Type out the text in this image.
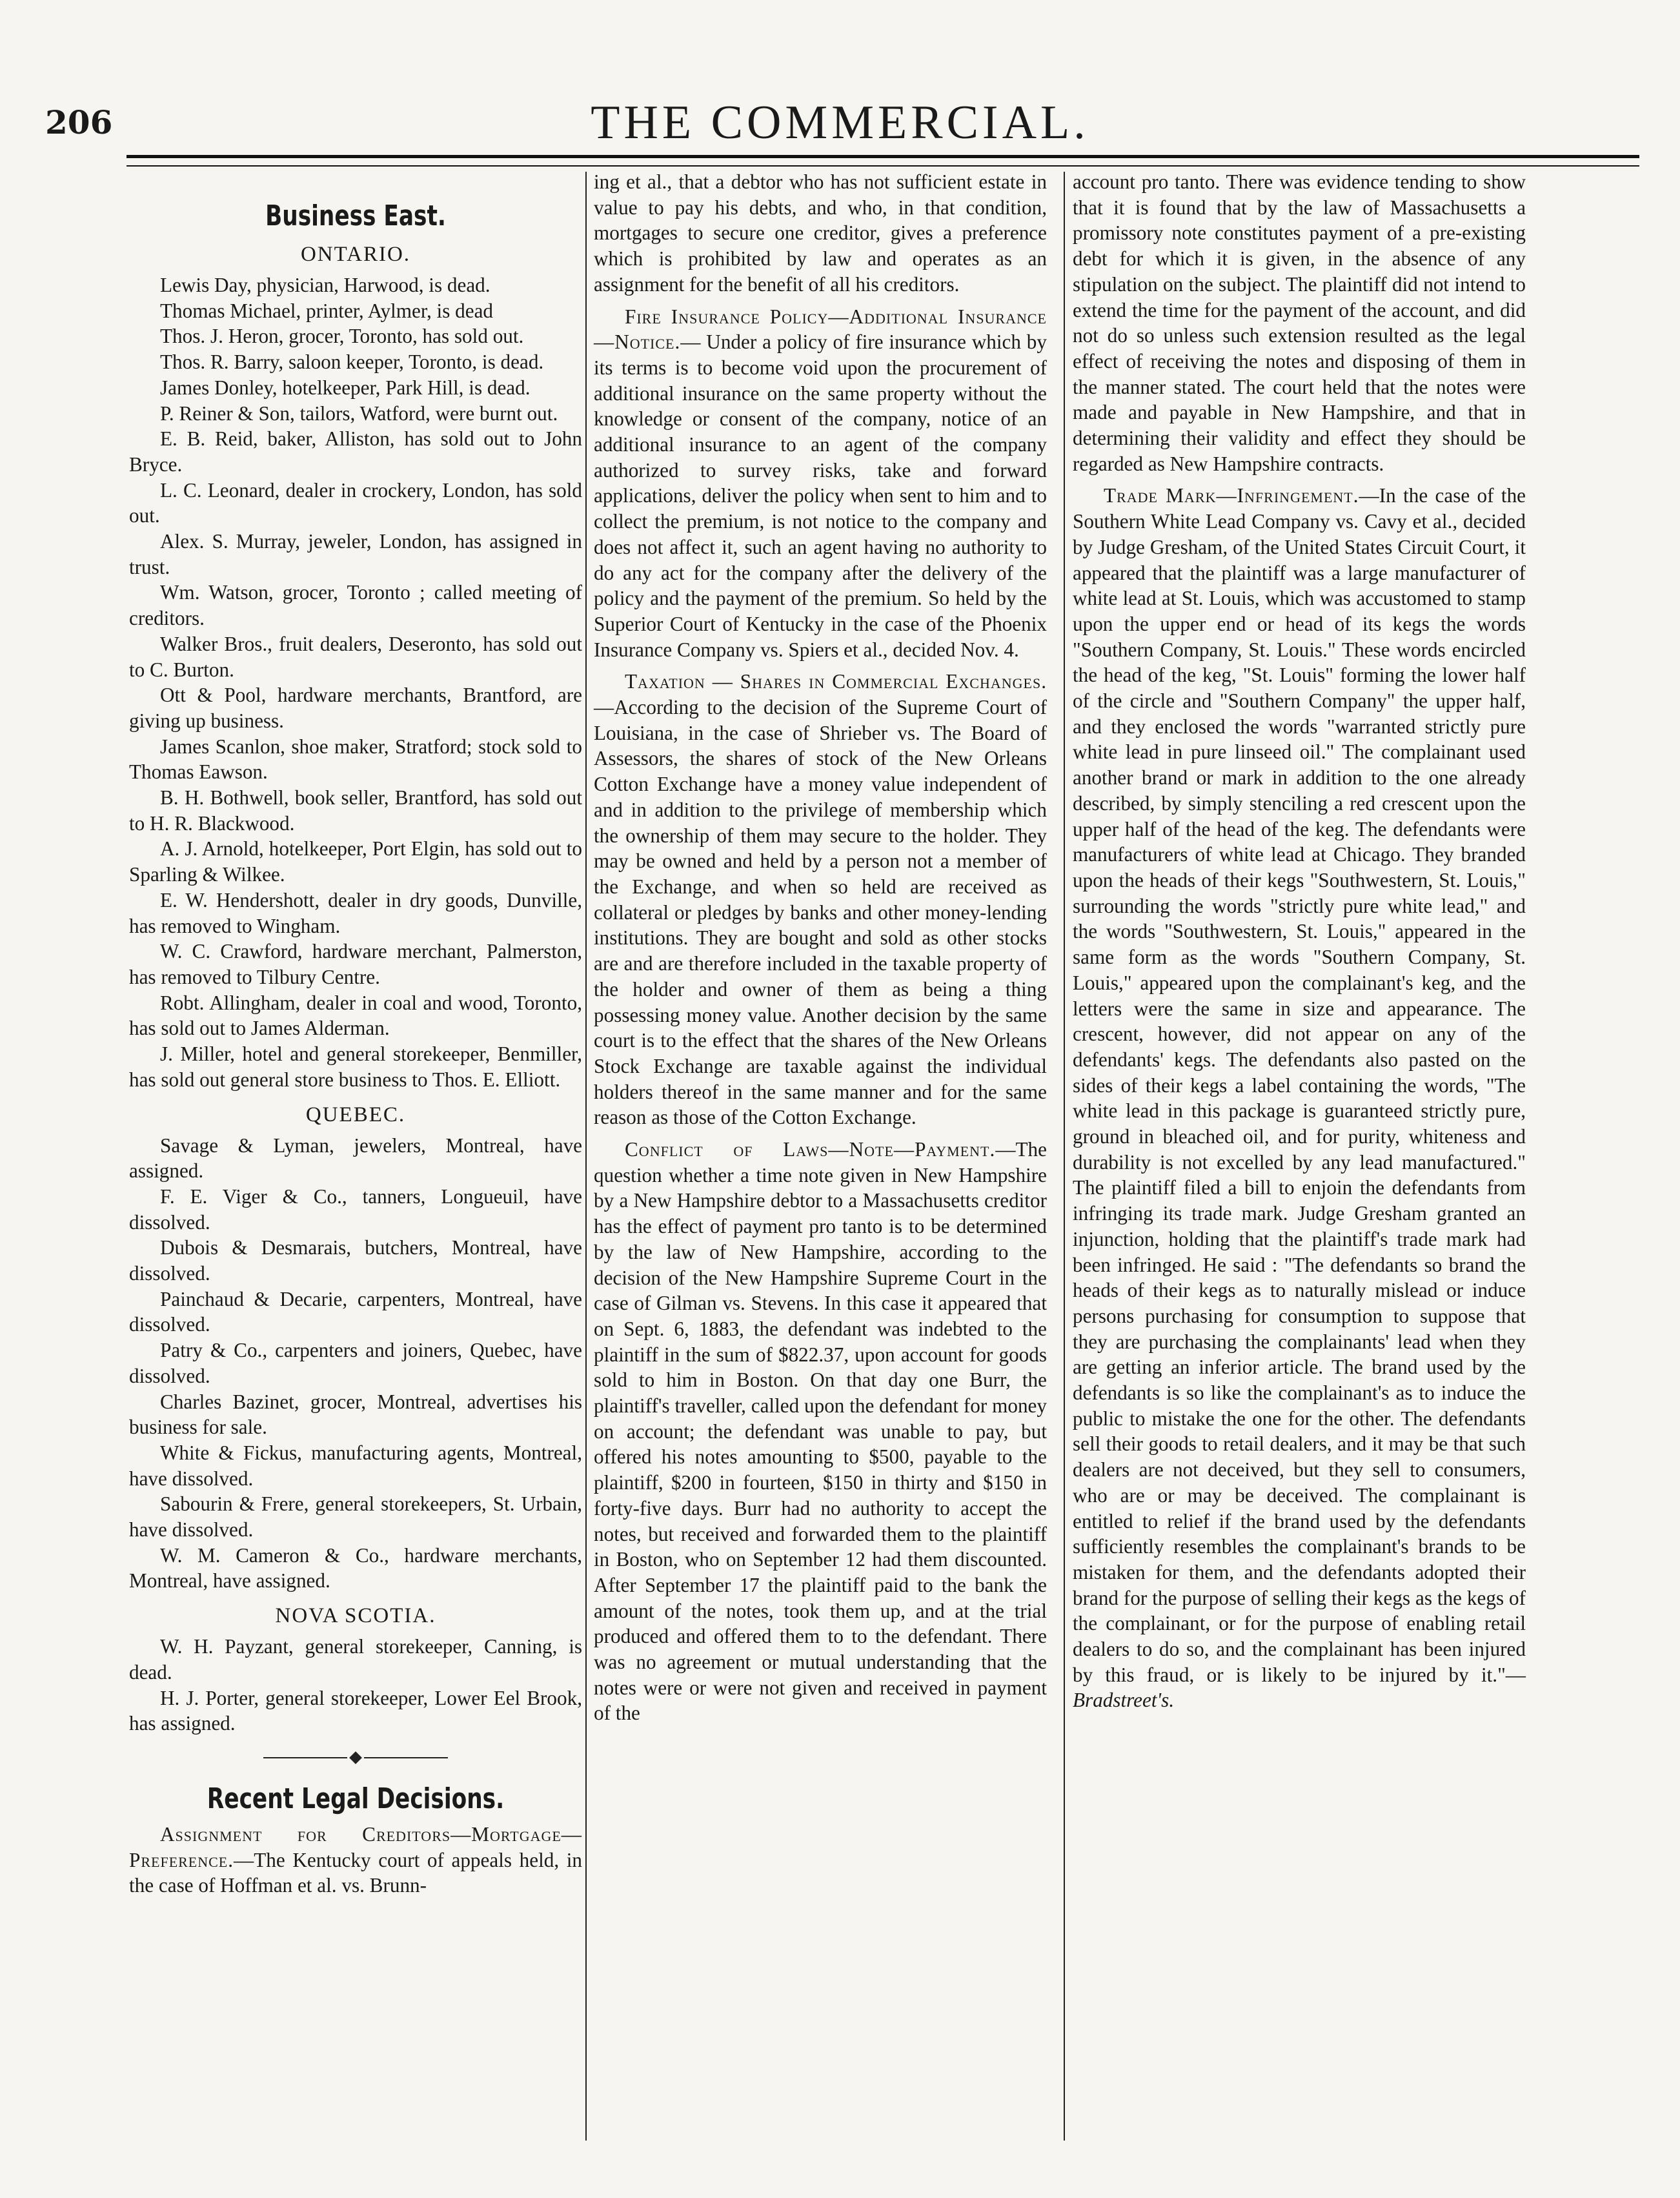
206	THE COMMERCIAL.
Business East.
ONTARIO.

Lewis Day, physician, Harwood, is dead.

Thomas Michael, printer, Aylmer, is dead

Thos. J. Heron, grocer, Toronto, has sold out.

Thos. R. Barry, saloon keeper, Toronto, is dead.

James Donley, hotelkeeper, Park Hill, is dead.

P. Reiner & Son, tailors, Watford, were burnt out.

E. B. Reid, baker, Alliston, has sold out to John Bryce.

L. C. Leonard, dealer in crockery, London, has sold out.

Alex. S. Murray, jeweler, London, has assigned in trust.

Wm. Watson, grocer, Toronto ; called meeting of creditors.

Walker Bros., fruit dealers, Deseronto, has sold out to C. Burton.

Ott & Pool, hardware merchants, Brantford, are giving up business.

James Scanlon, shoe maker, Stratford; stock sold to Thomas Eawson.

B. H. Bothwell, book seller, Brantford, has sold out to H. R. Blackwood.

A. J. Arnold, hotelkeeper, Port Elgin, has sold out to Sparling & Wilkee.

E. W. Hendershott, dealer in dry goods, Dunville, has removed to Wingham.

W. C. Crawford, hardware merchant, Palmerston, has removed to Tilbury Centre.

Robt. Allingham, dealer in coal and wood, Toronto, has sold out to James Alderman.

J. Miller, hotel and general storekeeper, Benmiller, has sold out general store business to Thos. E. Elliott.

QUEBEC.

Savage & Lyman, jewelers, Montreal, have assigned.

F. E. Viger & Co., tanners, Longueuil, have dissolved.

Dubois & Desmarais, butchers, Montreal, have dissolved.

Painchaud & Decarie, carpenters, Montreal, have dissolved.

Patry & Co., carpenters and joiners, Quebec, have dissolved.

Charles Bazinet, grocer, Montreal, advertises his business for sale.

White & Fickus, manufacturing agents, Montreal, have dissolved.

Sabourin & Frere, general storekeepers, St. Urbain, have dissolved.

W. M. Cameron & Co., hardware merchants, Montreal, have assigned.

NOVA SCOTIA.

W. H. Payzant, general storekeeper, Canning, is dead.

H. J. Porter, general storekeeper, Lower Eel Brook, has assigned.

Recent Legal Decisions.

Assignment for Creditors—Mortgage—Preference.—The Kentucky court of appeals held, in the case of Hoffman et al. vs. Brunn-

ing et al., that a debtor who has not sufficient estate in value to pay his debts, and who, in that condition, mortgages to secure one creditor, gives a preference which is prohibited by law and operates as an assignment for the benefit of all his creditors.

Fire Insurance Policy—Additional Insurance—Notice.— Under a policy of fire insurance which by its terms is to become void upon the procurement of additional insurance on the same property without the knowledge or consent of the company, notice of an additional insurance to an agent of the company authorized to survey risks, take and forward applications, deliver the policy when sent to him and to collect the premium, is not notice to the company and does not affect it, such an agent having no authority to do any act for the company after the delivery of the policy and the payment of the premium. So held by the Superior Court of Kentucky in the case of the Phoenix Insurance Company vs. Spiers et al., decided Nov. 4.

Taxation — Shares in Commercial Exchanges.—According to the decision of the Supreme Court of Louisiana, in the case of Shrieber vs. The Board of Assessors, the shares of stock of the New Orleans Cotton Exchange have a money value independent of and in addition to the privilege of membership which the ownership of them may secure to the holder. They may be owned and held by a person not a member of the Exchange, and when so held are received as collateral or pledges by banks and other money-lending institutions. They are bought and sold as other stocks are and are therefore included in the taxable property of the holder and owner of them as being a thing possessing money value. Another decision by the same court is to the effect that the shares of the New Orleans Stock Exchange are taxable against the individual holders thereof in the same manner and for the same reason as those of the Cotton Exchange.

Conflict of Laws—Note—Payment.—The question whether a time note given in New Hampshire by a New Hampshire debtor to a Massachusetts creditor has the effect of payment pro tanto is to be determined by the law of New Hampshire, according to the decision of the New Hampshire Supreme Court in the case of Gilman vs. Stevens. In this case it appeared that on Sept. 6, 1883, the defendant was indebted to the plaintiff in the sum of $822.37, upon account for goods sold to him in Boston. On that day one Burr, the plaintiff's traveller, called upon the defendant for money on account; the defendant was unable to pay, but offered his notes amounting to $500, payable to the plaintiff, $200 in fourteen, $150 in thirty and $150 in forty-five days. Burr had no authority to accept the notes, but received and forwarded them to the plaintiff in Boston, who on September 12 had them discounted. After September 17 the plaintiff paid to the bank the amount of the notes, took them up, and at the trial produced and offered them to to the defendant. There was no agreement or mutual understanding that the notes were or were not given and received in payment of the

account pro tanto. There was evidence tending to show that it is found that by the law of Massachusetts a promissory note constitutes payment of a pre-existing debt for which it is given, in the absence of any stipulation on the subject. The plaintiff did not intend to extend the time for the payment of the account, and did not do so unless such extension resulted as the legal effect of receiving the notes and disposing of them in the manner stated. The court held that the notes were made and payable in New Hampshire, and that in determining their validity and effect they should be regarded as New Hampshire contracts.

Trade Mark—Infringement.—In the case of the Southern White Lead Company vs. Cavy et al., decided by Judge Gresham, of the United States Circuit Court, it appeared that the plaintiff was a large manufacturer of white lead at St. Louis, which was accustomed to stamp upon the upper end or head of its kegs the words "Southern Company, St. Louis." These words encircled the head of the keg, "St. Louis" forming the lower half of the circle and "Southern Company" the upper half, and they enclosed the words "warranted strictly pure white lead in pure linseed oil." The complainant used another brand or mark in addition to the one already described, by simply stenciling a red crescent upon the upper half of the head of the keg. The defendants were manufacturers of white lead at Chicago. They branded upon the heads of their kegs "Southwestern, St. Louis," surrounding the words "strictly pure white lead," and the words "Southwestern, St. Louis," appeared in the same form as the words "Southern Company, St. Louis," appeared upon the complainant's keg, and the letters were the same in size and appearance. The crescent, however, did not appear on any of the defendants' kegs. The defendants also pasted on the sides of their kegs a label containing the words, "The white lead in this package is guaranteed strictly pure, ground in bleached oil, and for purity, whiteness and durability is not excelled by any lead manufactured." The plaintiff filed a bill to enjoin the defendants from infringing its trade mark. Judge Gresham granted an injunction, holding that the plaintiff's trade mark had been infringed. He said : "The defendants so brand the heads of their kegs as to naturally mislead or induce persons purchasing for consumption to suppose that they are purchasing the complainants' lead when they are getting an inferior article. The brand used by the defendants is so like the complainant's as to induce the public to mistake the one for the other. The defendants sell their goods to retail dealers, and it may be that such dealers are not deceived, but they sell to consumers, who are or may be deceived. The complainant is entitled to relief if the brand used by the defendants sufficiently resembles the complainant's brands to be mistaken for them, and the defendants adopted their brand for the purpose of selling their kegs as the kegs of the complainant, or for the purpose of enabling retail dealers to do so, and the complainant has been injured by this fraud, or is likely to be injured by it."—Bradstreet's.
